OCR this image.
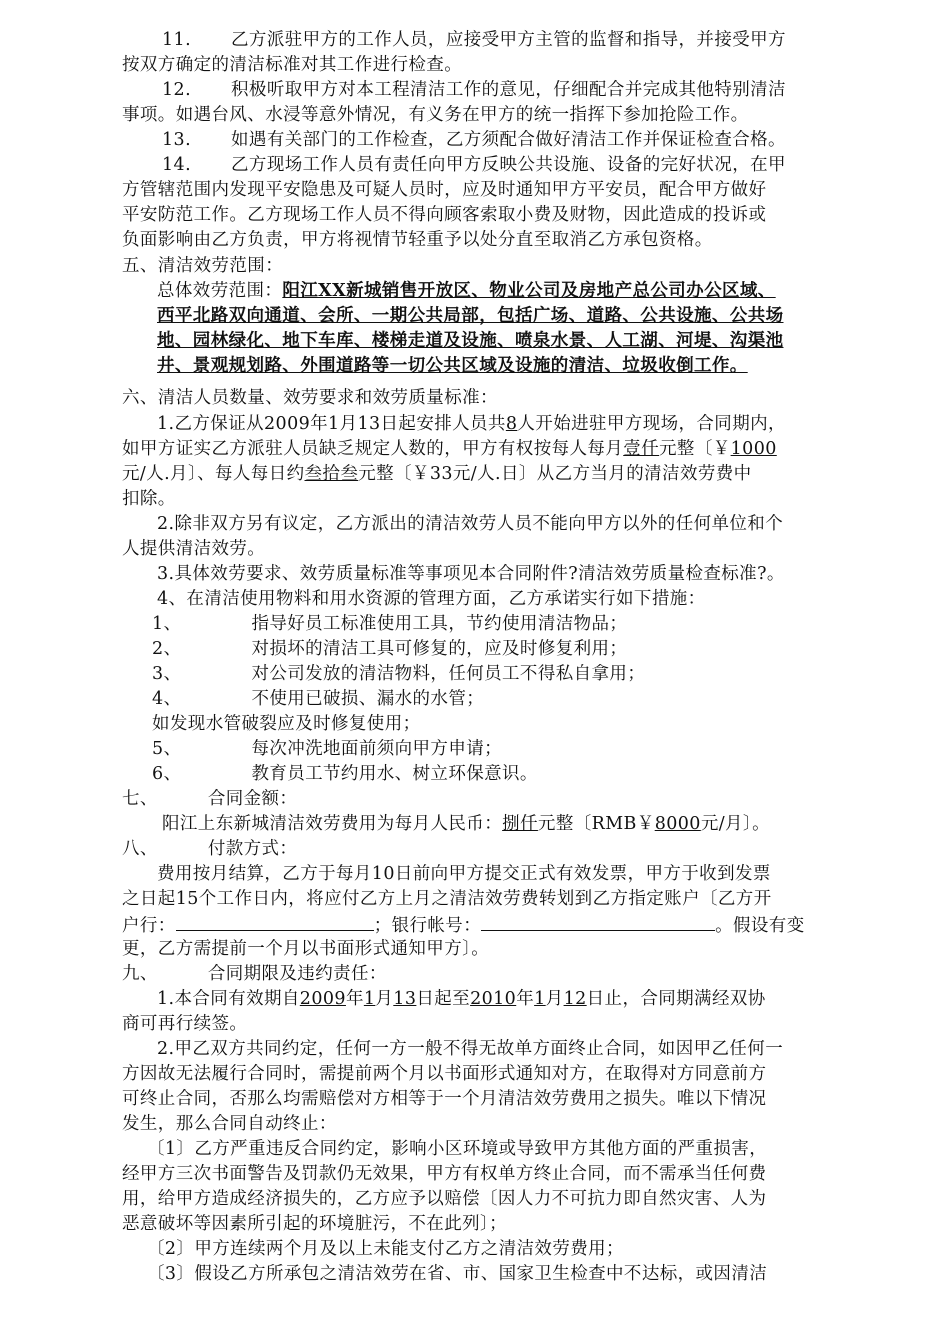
11. 乙方派驻甲方的工作人员，应接受甲方主管的监督和指导，并接受甲方
按双方确定的清洁标准对其工作进行检查。
12. 积极听取甲方对本工程清洁工作的意见，仔细配合并完成其他特别清洁
事项。如遇台风、水浸等意外情况，有义务在甲方的统一指挥下参加抢险工作。
13. 如遇有关部门的工作检查，乙方须配合做好清洁工作并保证检查合格。
14. 乙方现场工作人员有责任向甲方反映公共设施、设备的完好状况，在甲
方管辖范围内发现平安隐患及可疑人员时，应及时通知甲方平安员，配合甲方做好
平安防范工作。乙方现场工作人员不得向顾客索取小费及财物，因此造成的投诉或
负面影响由乙方负责，甲方将视情节轻重予以处分直至取消乙方承包资格。
五、清洁效劳范围：
总体效劳范围：阳江XX新城销售开放区、物业公司及房地产总公司办公区域、
西平北路双向通道、会所、一期公共局部，包括广场、道路、公共设施、公共场
地、园林绿化、地下车库、楼梯走道及设施、喷泉水景、人工湖、河堤、沟渠池
井、景观规划路、外围道路等一切公共区域及设施的清洁、垃圾收倒工作。
六、清洁人员数量、效劳要求和效劳质量标准：
1.乙方保证从2009年1月13日起安排人员共8人开始进驻甲方现场，合同期内，
如甲方证实乙方派驻人员缺乏规定人数的，甲方有权按每人每月壹仟元整〔￥1000
元/人.月〕、每人每日约叁拾叁元整〔￥33元/人.日〕从乙方当月的清洁效劳费中
扣除。
2.除非双方另有议定，乙方派出的清洁效劳人员不能向甲方以外的任何单位和个
人提供清洁效劳。
3.具体效劳要求、效劳质量标准等事项见本合同附件?清洁效劳质量检查标准?。
4、在清洁使用物料和用水资源的管理方面，乙方承诺实行如下措施：
1、	指导好员工标准使用工具，节约使用清洁物品；
2、	对损坏的清洁工具可修复的，应及时修复利用；
3、	对公司发放的清洁物料，任何员工不得私自拿用；
4、	不使用已破损、漏水的水管；
如发现水管破裂应及时修复使用；
5、	每次冲洗地面前须向甲方申请；
6、	教育员工节约用水、树立环保意识。
七、	合同金额：
阳江上东新城清洁效劳费用为每月人民币：捌仟元整〔RMB￥8000元/月〕。
八、	付款方式：
费用按月结算，乙方于每月10日前向甲方提交正式有效发票，甲方于收到发票
之日起15个工作日内，将应付乙方上月之清洁效劳费转划到乙方指定账户〔乙方开
户行：	；银行帐号：	。假设有变
更，乙方需提前一个月以书面形式通知甲方〕。
九、	合同期限及违约责任：
1.本合同有效期自2009年1月13日起至2010年1月12日止，合同期满经双协
商可再行续签。
2.甲乙双方共同约定，任何一方一般不得无故单方面终止合同，如因甲乙任何一
方因故无法履行合同时，需提前两个月以书面形式通知对方，在取得对方同意前方
可终止合同，否那么均需赔偿对方相等于一个月清洁效劳费用之损失。唯以下情况
发生，那么合同自动终止：
〔1〕乙方严重违反合同约定，影响小区环境或导致甲方其他方面的严重损害，
经甲方三次书面警告及罚款仍无效果，甲方有权单方终止合同，而不需承当任何费
用，给甲方造成经济损失的，乙方应予以赔偿〔因人力不可抗力即自然灾害、人为
恶意破坏等因素所引起的环境脏污，不在此列〕；
〔2〕甲方连续两个月及以上未能支付乙方之清洁效劳费用；
〔3〕假设乙方所承包之清洁效劳在省、市、国家卫生检查中不达标，或因清洁
